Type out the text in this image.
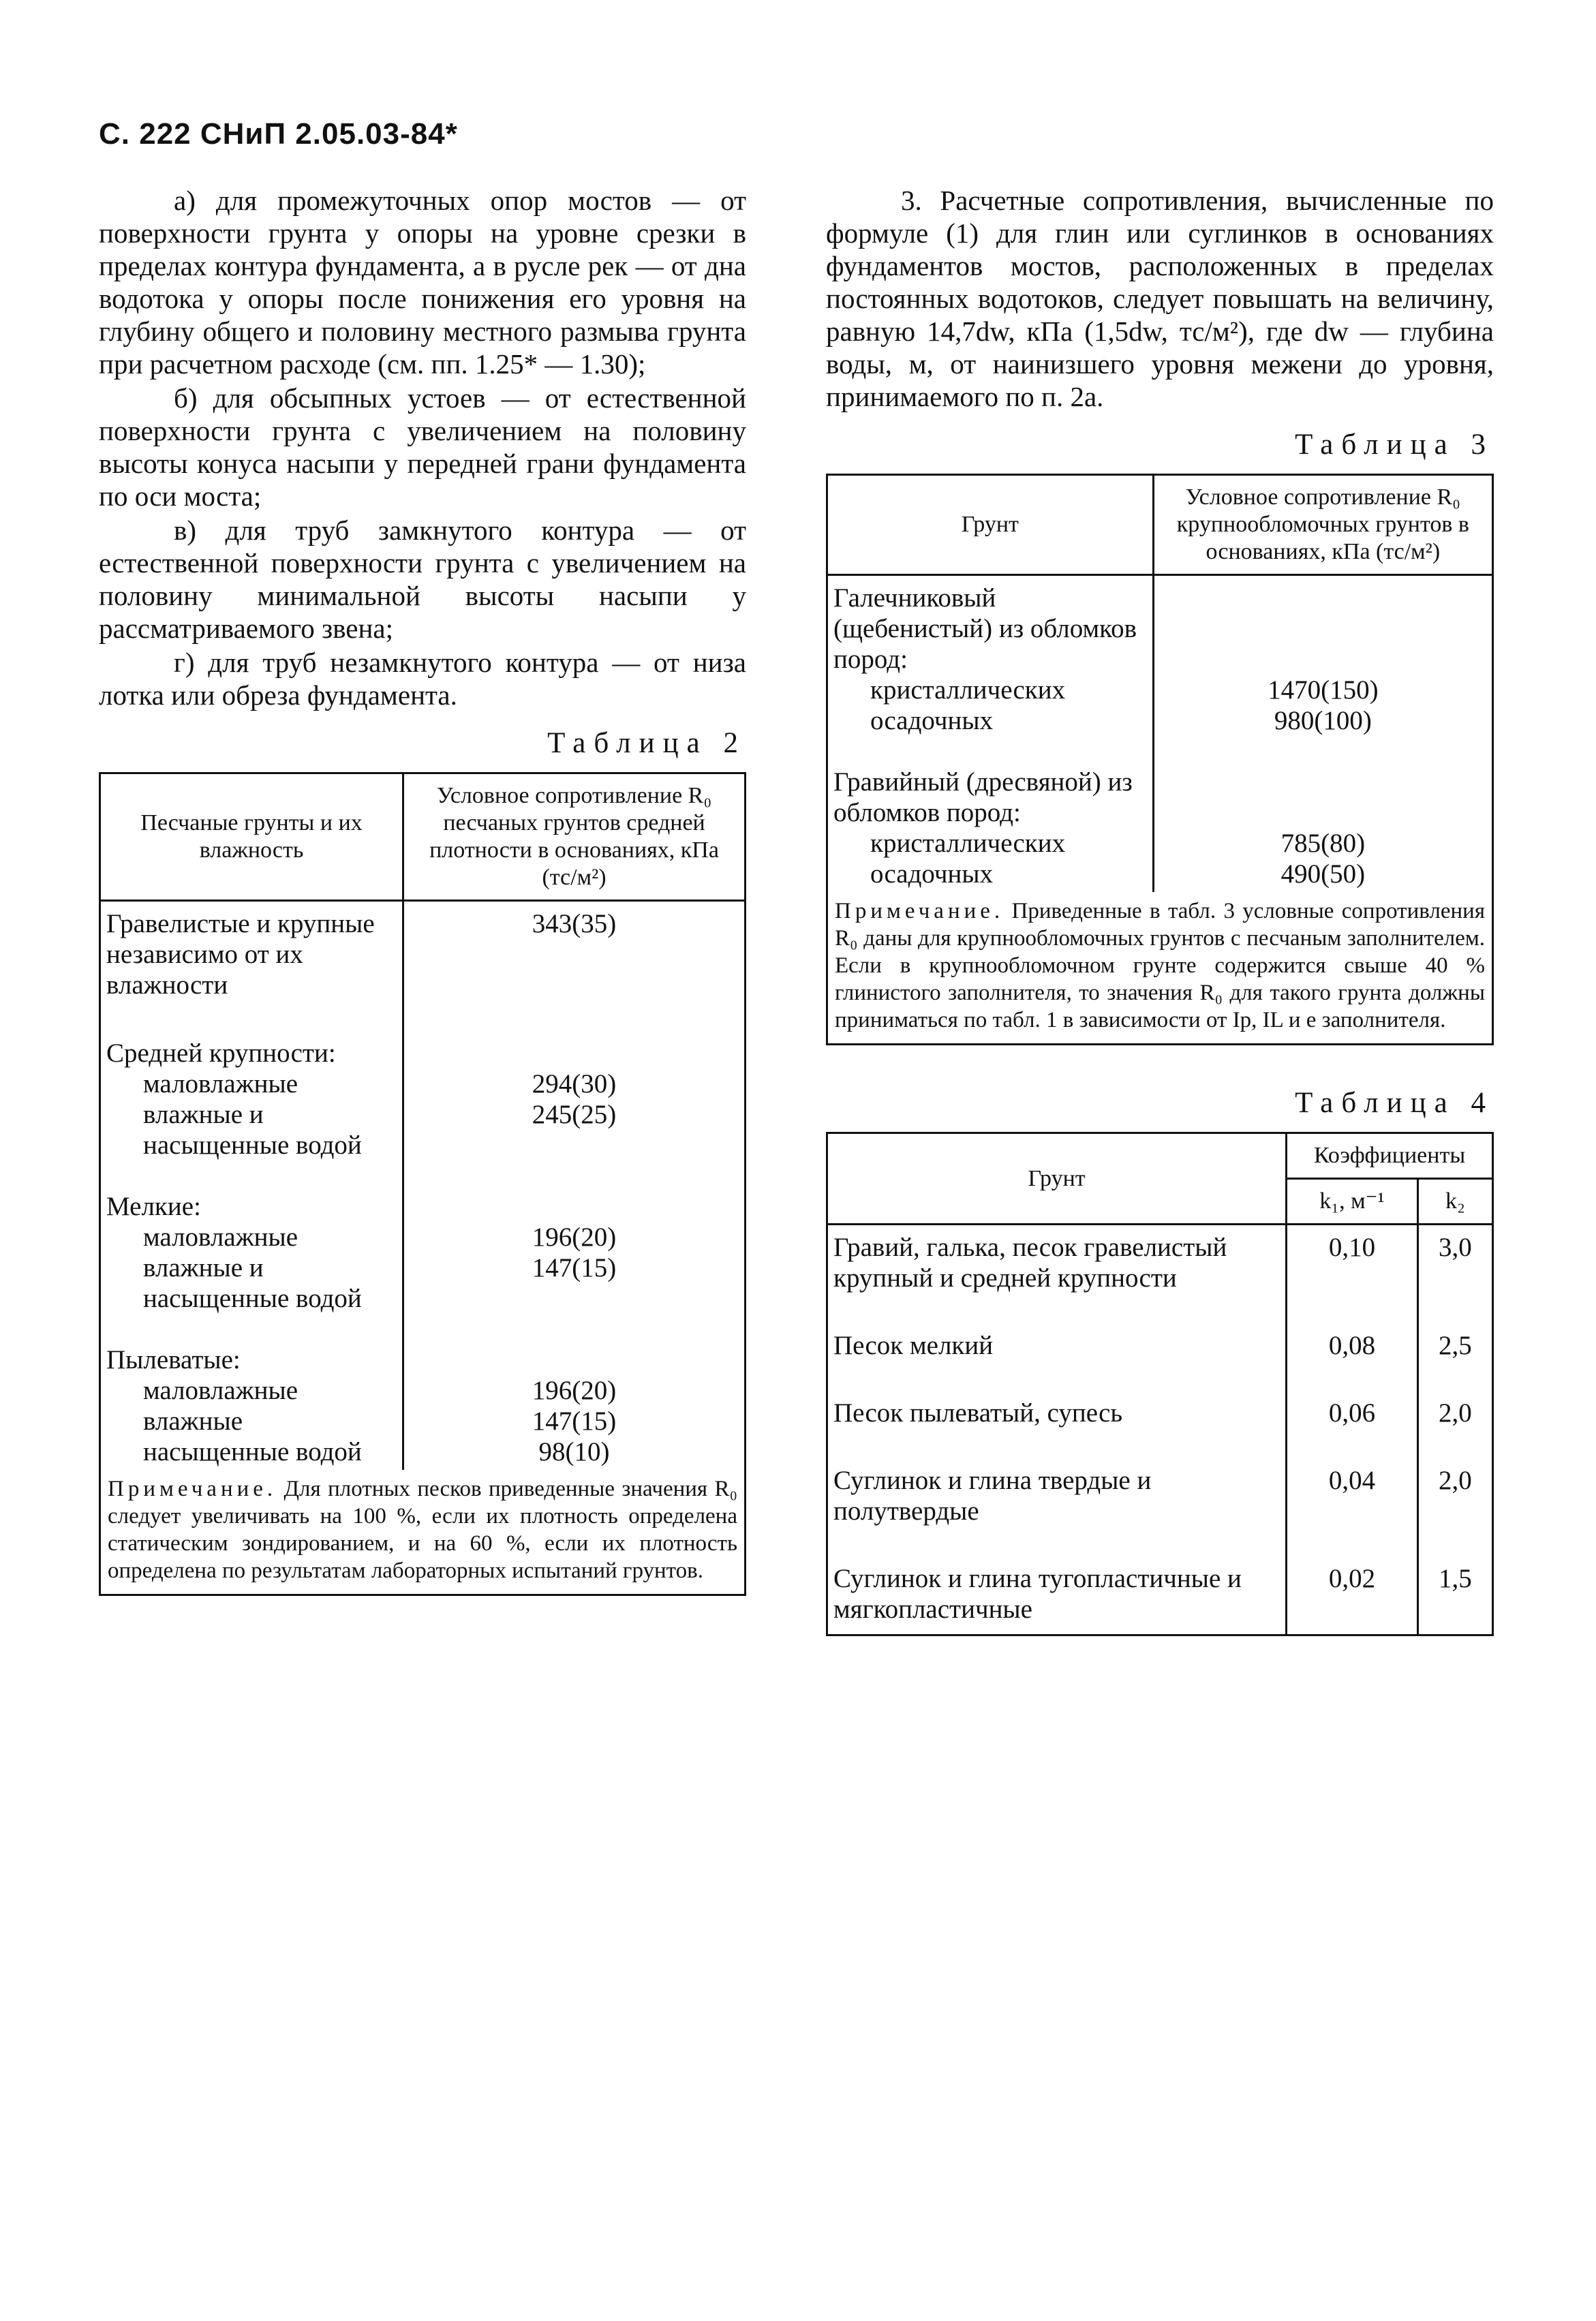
С. 222 СНиП 2.05.03-84*

а) для промежуточных опор мостов — от поверхности грунта у опоры на уровне срезки в пределах контура фундамента, а в русле рек — от дна водотока у опоры после понижения его уровня на глубину общего и половину местного размыва грунта при расчетном расходе (см. пп. 1.25* — 1.30);

б) для обсыпных устоев — от естественной поверхности грунта с увеличением на половину высоты конуса насыпи у передней грани фундамента по оси моста;

в) для труб замкнутого контура — от естественной поверхности грунта с увеличением на половину минимальной высоты насыпи у рассматриваемого звена;

г) для труб незамкнутого контура — от низа лотка или обреза фундамента.

Таблица 2
Песчаные грунты и их влажность	Условное сопротивление R₀ песчаных грунтов средней плотности в основаниях, кПа (тс/м²)
Гравелистые и крупные независимо от их влажности	343(35)

Средней крупности:	
маловлажные	294(30)
влажные и насыщенные водой	245(25)

Мелкие:	
маловлажные	196(20)
влажные и насыщенные водой	147(15)

Пылеватые:	
маловлажные	196(20)
влажные	147(15)
насыщенные водой	98(10)
Примечание. Для плотных песков приведенные значения R₀ следует увеличивать на 100 %, если их плотность определена статическим зондированием, и на 60 %, если их плотность определена по результатам лабораторных испытаний грунтов.	

3. Расчетные сопротивления, вычисленные по формуле (1) для глин или суглинков в основаниях фундаментов мостов, расположенных в пределах постоянных водотоков, следует повышать на величину, равную 14,7dw, кПа (1,5dw, тс/м²), где dw — глубина воды, м, от наинизшего уровня межени до уровня, принимаемого по п. 2а.

Таблица 3
Грунт	Условное сопротивление R₀ крупнообломочных грунтов в основаниях, кПа (тс/м²)
Галечниковый (щебенистый) из обломков пород:	
кристаллических	1470(150)
осадочных	980(100)

Гравийный (дресвяной) из обломков пород:	
кристаллических	785(80)
осадочных	490(50)
Примечание. Приведенные в табл. 3 условные сопротивления R₀ даны для крупнообломочных грунтов с песчаным заполнителем. Если в крупнообломочном грунте содержится свыше 40 % глинистого заполнителя, то значения R₀ для такого грунта должны приниматься по табл. 1 в зависимости от Ip, IL и e заполнителя.	
Таблица 4
Грунт	Коэффициенты	
	k₁, м⁻¹	k₂
Гравий, галька, песок гравелистый крупный и средней крупности	0,10	3,0
Песок мелкий	0,08	2,5
Песок пылеватый, супесь	0,06	2,0
Суглинок и глина твердые и полутвердые	0,04	2,0
Суглинок и глина тугопластичные и мягкопластичные	0,02	1,5
